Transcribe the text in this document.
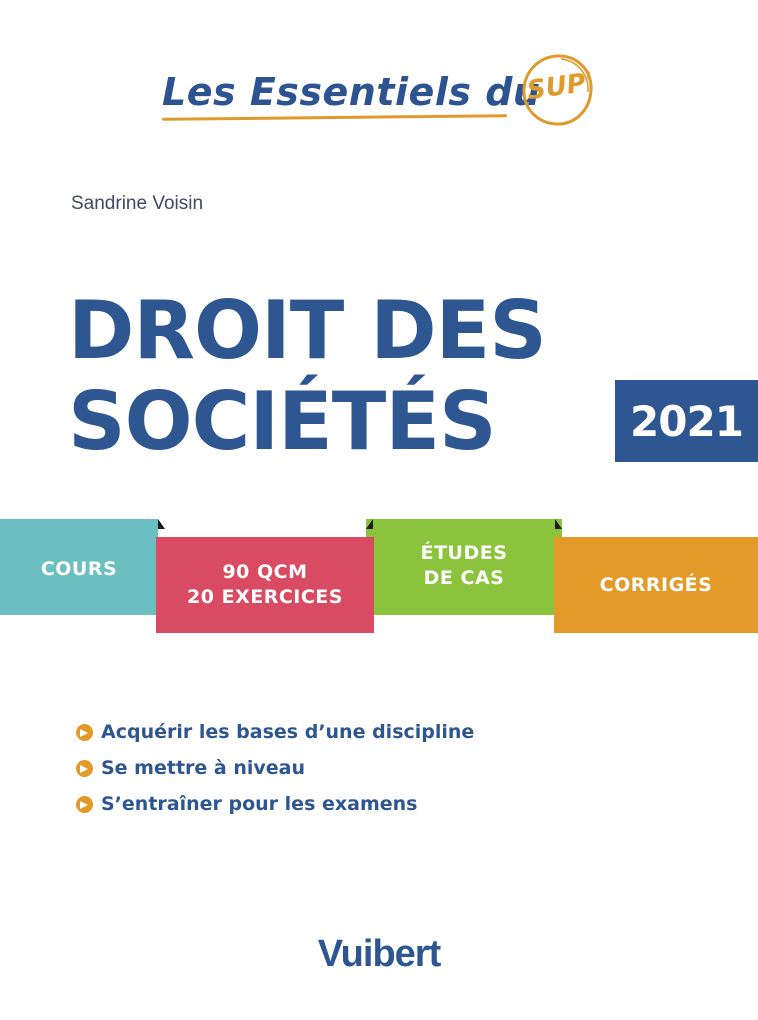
Les Essentiels du
SUP'
Sandrine Voisin
DROIT DES
SOCIÉTÉS	2021
COURS
ÉTUDES
DE CAS
90 QCM
20 EXERCICES
CORRIGÉS
Acquérir les bases d’une discipline
Se mettre à niveau
S’entraîner pour les examens
Vuibert
